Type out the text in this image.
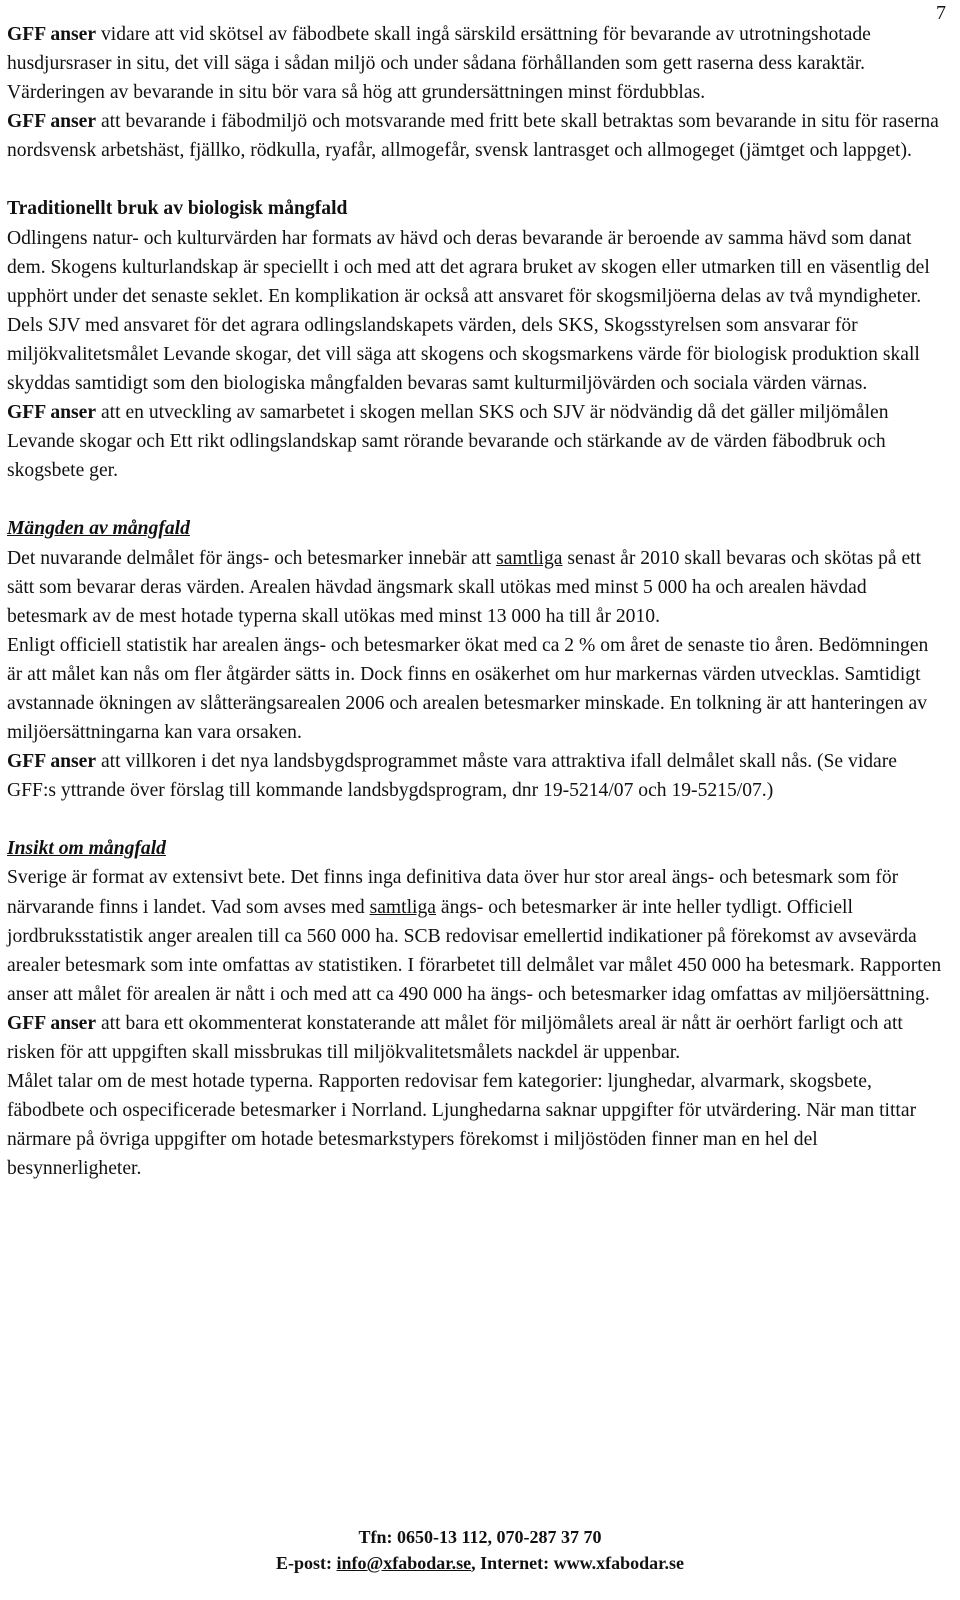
7

GFF anser vidare att vid skötsel av fäbodbete skall ingå särskild ersättning för bevarande av utrotningshotade husdjursraser in situ, det vill säga i sådan miljö och under sådana förhållanden som gett raserna dess karaktär. Värderingen av bevarande in situ bör vara så hög att grundersättningen minst fördubblas.

GFF anser att bevarande i fäbodmiljö och motsvarande med fritt bete skall betraktas som bevarande in situ för raserna nordsvensk arbetshäst, fjällko, rödkulla, ryafår, allmogefår, svensk lantrasget och allmogeget (jämtget och lappget).

Traditionellt bruk av biologisk mångfald

Odlingens natur- och kulturvärden har formats av hävd och deras bevarande är beroende av samma hävd som danat dem. Skogens kulturlandskap är speciellt i och med att det agrara bruket av skogen eller utmarken till en väsentlig del upphört under det senaste seklet. En komplikation är också att ansvaret för skogsmiljöerna delas av två myndigheter. Dels SJV med ansvaret för det agrara odlingslandskapets värden, dels SKS, Skogsstyrelsen som ansvarar för miljökvalitetsmålet Levande skogar, det vill säga att skogens och skogsmarkens värde för biologisk produktion skall skyddas samtidigt som den biologiska mångfalden bevaras samt kulturmiljövärden och sociala värden värnas.

GFF anser att en utveckling av samarbetet i skogen mellan SKS och SJV är nödvändig då det gäller miljömålen Levande skogar och Ett rikt odlingslandskap samt rörande bevarande och stärkande av de värden fäbodbruk och skogsbete ger.

Mängden av mångfald

Det nuvarande delmålet för ängs- och betesmarker innebär att samtliga senast år 2010 skall bevaras och skötas på ett sätt som bevarar deras värden. Arealen hävdad ängsmark skall utökas med minst 5 000 ha och arealen hävdad betesmark av de mest hotade typerna skall utökas med minst 13 000 ha till år 2010.

Enligt officiell statistik har arealen ängs- och betesmarker ökat med ca 2 % om året de senaste tio åren. Bedömningen är att målet kan nås om fler åtgärder sätts in. Dock finns en osäkerhet om hur markernas värden utvecklas. Samtidigt avstannade ökningen av slåtterängsarealen 2006 och arealen betesmarker minskade. En tolkning är att hanteringen av miljöersättningarna kan vara orsaken.

GFF anser att villkoren i det nya landsbygdsprogrammet måste vara attraktiva ifall delmålet skall nås. (Se vidare GFF:s yttrande över förslag till kommande landsbygdsprogram, dnr 19-5214/07 och 19-5215/07.)

Insikt om mångfald

Sverige är format av extensivt bete. Det finns inga definitiva data över hur stor areal ängs- och betesmark som för närvarande finns i landet. Vad som avses med samtliga ängs- och betesmarker är inte heller tydligt. Officiell jordbruksstatistik anger arealen till ca 560 000 ha. SCB redovisar emellertid indikationer på förekomst av avsevärda arealer betesmark som inte omfattas av statistiken. I förarbetet till delmålet var målet 450 000 ha betesmark. Rapporten anser att målet för arealen är nått i och med att ca 490 000 ha ängs- och betesmarker idag omfattas av miljöersättning.

GFF anser att bara ett okommenterat konstaterande att målet för miljömålets areal är nått är oerhört farligt och att risken för att uppgiften skall missbrukas till miljökvalitetsmålets nackdel är uppenbar.

Målet talar om de mest hotade typerna. Rapporten redovisar fem kategorier: ljunghedar, alvarmark, skogsbete, fäbodbete och ospecificerade betesmarker i Norrland. Ljunghedarna saknar uppgifter för utvärdering. När man tittar närmare på övriga uppgifter om hotade betesmarkstypers förekomst i miljöstöden finner man en hel del besynnerligheter.

Tfn: 0650-13 112, 070-287 37 70
E-post: info@xfabodar.se, Internet: www.xfabodar.se
